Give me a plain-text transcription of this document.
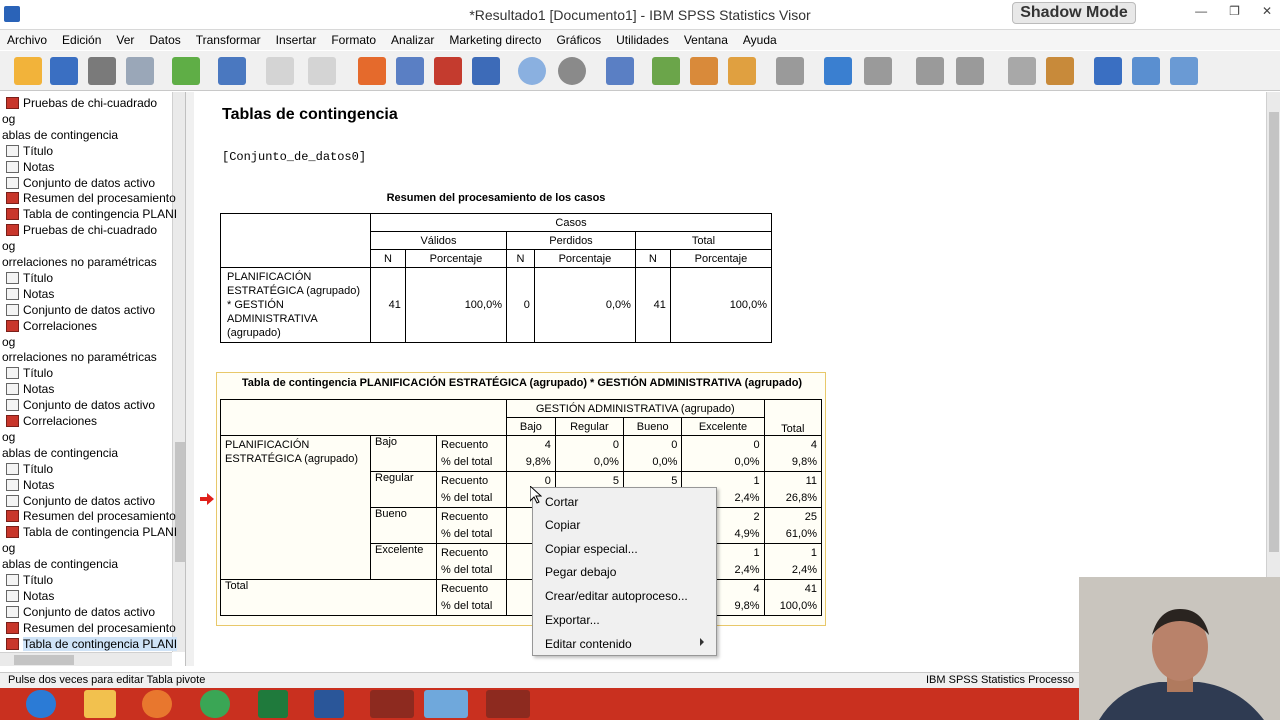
*Resultado1 [Documento1] - IBM SPSS Statistics Visor	Shadow Mode	— ❐ ✕
Archivo Edición Ver Datos Transformar Insertar Formato Analizar Marketing directo Gráficos Utilidades Ventana Ayuda
Pruebas de chi-cuadrado
og
ablas de contingencia
Título
Notas
Conjunto de datos activo
Resumen del procesamiento
Tabla de contingencia PLANI
Pruebas de chi-cuadrado
og
orrelaciones no paramétricas
Título
Notas
Conjunto de datos activo
Correlaciones
og
orrelaciones no paramétricas
Título
Notas
Conjunto de datos activo
Correlaciones
og
ablas de contingencia
Título
Notas
Conjunto de datos activo
Resumen del procesamiento
Tabla de contingencia PLANI
og
ablas de contingencia
Título
Notas
Conjunto de datos activo
Resumen del procesamiento
Tabla de contingencia PLANI
Tablas de contingencia
[Conjunto_de_datos0]
Resumen del procesamiento de los casos
	Casos					
	Válidos		Perdidos		Total	
	N	Porcentaje	N	Porcentaje	N	Porcentaje
PLANIFICACIÓN ESTRATÉGICA (agrupado) * GESTIÓN ADMINISTRATIVA (agrupado)	41	100,0%	0	0,0%	41	100,0%
Tabla de contingencia PLANIFICACIÓN ESTRATÉGICA (agrupado) * GESTIÓN ADMINISTRATIVA (agrupado)
			GESTIÓN ADMINISTRATIVA (agrupado)				Total
			Bajo	Regular	Bueno	Excelente	
PLANIFICACIÓN ESTRATÉGICA (agrupado)	Bajo	Recuento	4	0	0	0	4
		% del total	9,8%	0,0%	0,0%	0,0%	9,8%
	Regular	Recuento	0	5	5	1	11
		% del total				2,4%	26,8%
	Bueno	Recuento				2	25
		% del total				4,9%	61,0%
	Excelente	Recuento				1	1
		% del total				2,4%	2,4%
Total		Recuento				4	41
		% del total				9,8%	100,0%
Cortar
Copiar
Copiar especial...
Pegar debajo
Crear/editar autoproceso...
Exportar...
Editar contenido
Pulse dos veces para editar Tabla pivote	IBM SPSS Statistics Processo
